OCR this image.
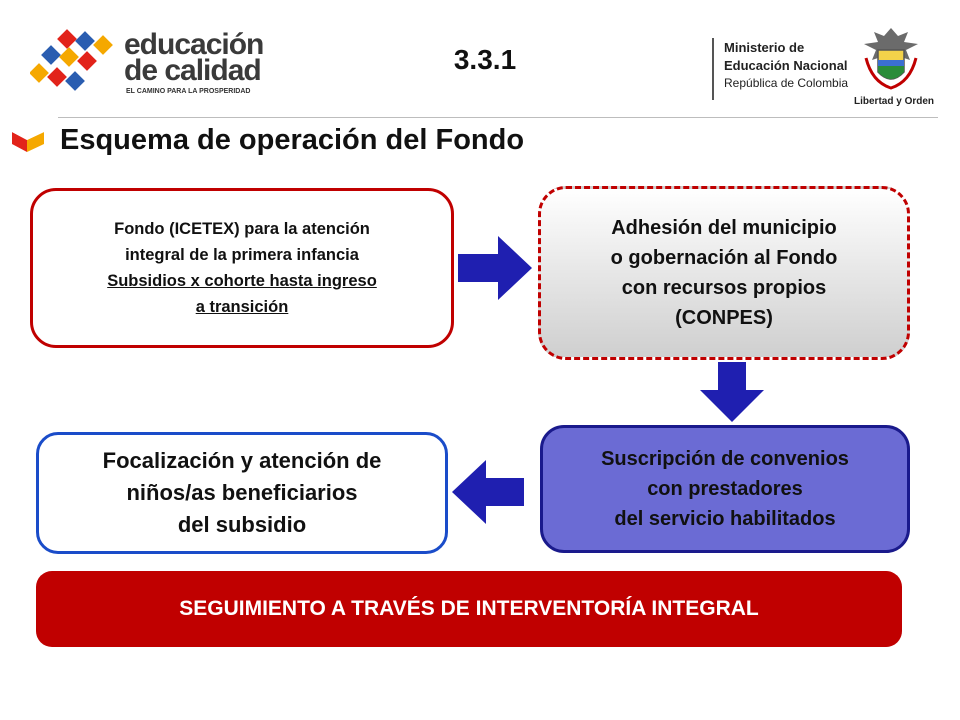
educación
de calidad
EL CAMINO PARA LA PROSPERIDAD
3.3.1	Ministerio de
Educación Nacional
República de Colombia
Libertad y Orden
Esquema de operación del Fondo
Fondo (ICETEX) para la atención
integral de la primera infancia
Subsidios x cohorte hasta ingreso
a transición
Adhesión del municipio
o gobernación al Fondo
con recursos propios
(CONPES)
Suscripción de convenios
con prestadores
del servicio habilitados
Focalización y atención de
niños/as beneficiarios
del subsidio
SEGUIMIENTO A TRAVÉS DE INTERVENTORÍA INTEGRAL
